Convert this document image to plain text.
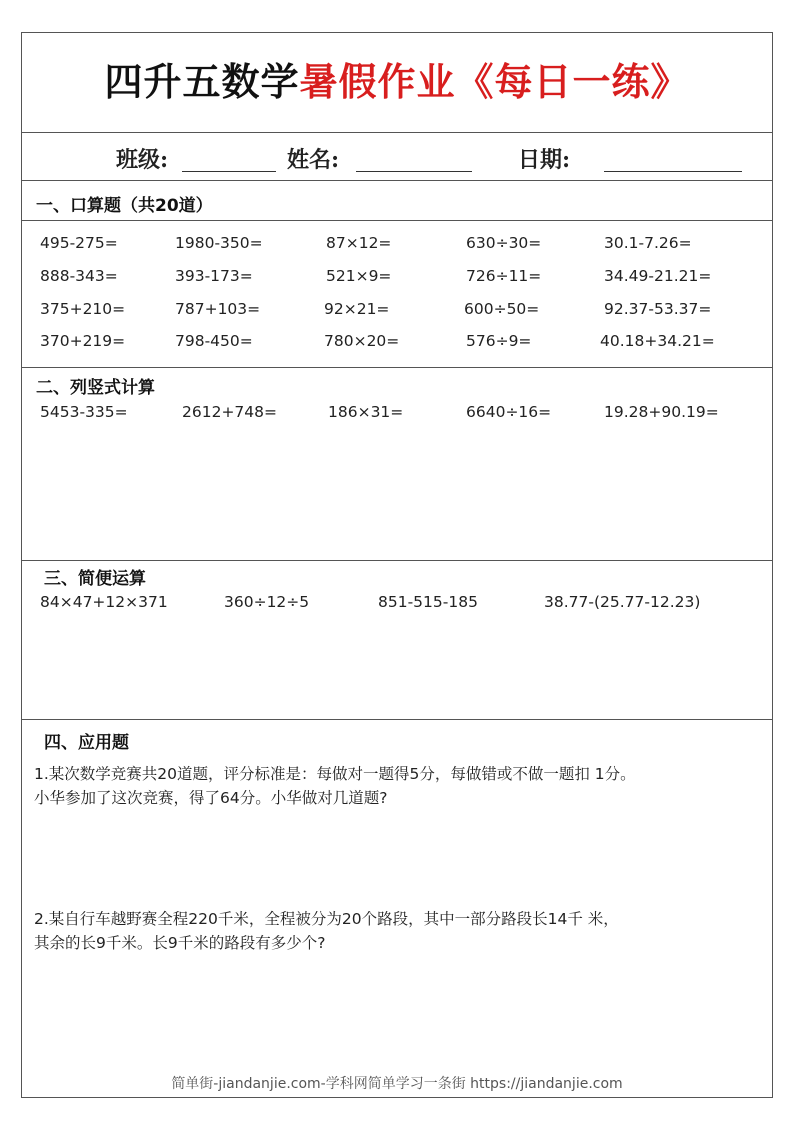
四升五数学暑假作业《每日一练》
班级:	姓名:	日期:
一、口算题（共20道）
495-275=	1980-350=	87×12=	630÷30=	30.1-7.26=
888-343=	393-173=	521×9=	726÷11=	34.49-21.21=
375+210=	787+103=	92×21=	600÷50=	92.37-53.37=
370+219=	798-450=	780×20=	576÷9=	40.18+34.21=
二、列竖式计算
5453-335=	2612+748=	186×31=	6640÷16=	19.28+90.19=
三、简便运算
84×47+12×371	360÷12÷5	851-515-185	38.77-(25.77-12.23)
四、应用题
1.某次数学竞赛共20道题，评分标准是：每做对一题得5分，每做错或不做一题扣 1分。
小华参加了这次竞赛，得了64分。小华做对几道题?
2.某自行车越野赛全程220千米，全程被分为20个路段，其中一部分路段长14千 米，
其余的长9千米。长9千米的路段有多少个?
简单街-jiandanjie.com-学科网简单学习一条街 https://jiandanjie.com
